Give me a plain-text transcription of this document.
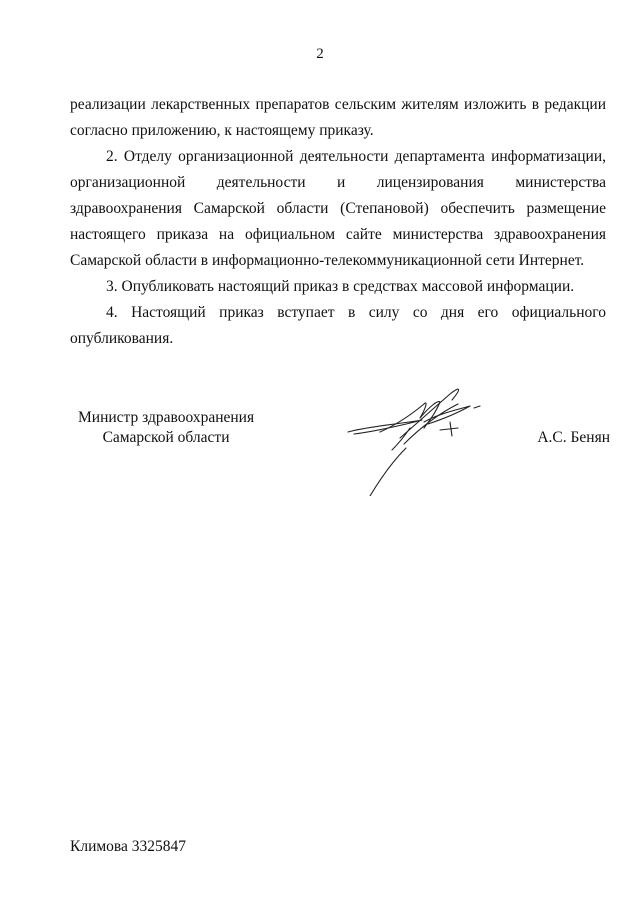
2

реализации лекарственных препаратов сельским жителям изложить в редакции согласно приложению, к настоящему приказу.

2. Отделу организационной деятельности департамента информатизации, организационной деятельности и лицензирования министерства здравоохранения Самарской области (Степановой) обеспечить размещение настоящего приказа на официальном сайте министерства здравоохранения Самарской области в информационно-телекоммуникационной сети Интернет.

3. Опубликовать настоящий приказ в средствах массовой информации.

4. Настоящий приказ вступает в силу со дня его официального опубликования.

Министр здравоохранения
Самарской области	А.С. Бенян
Климова 3325847
